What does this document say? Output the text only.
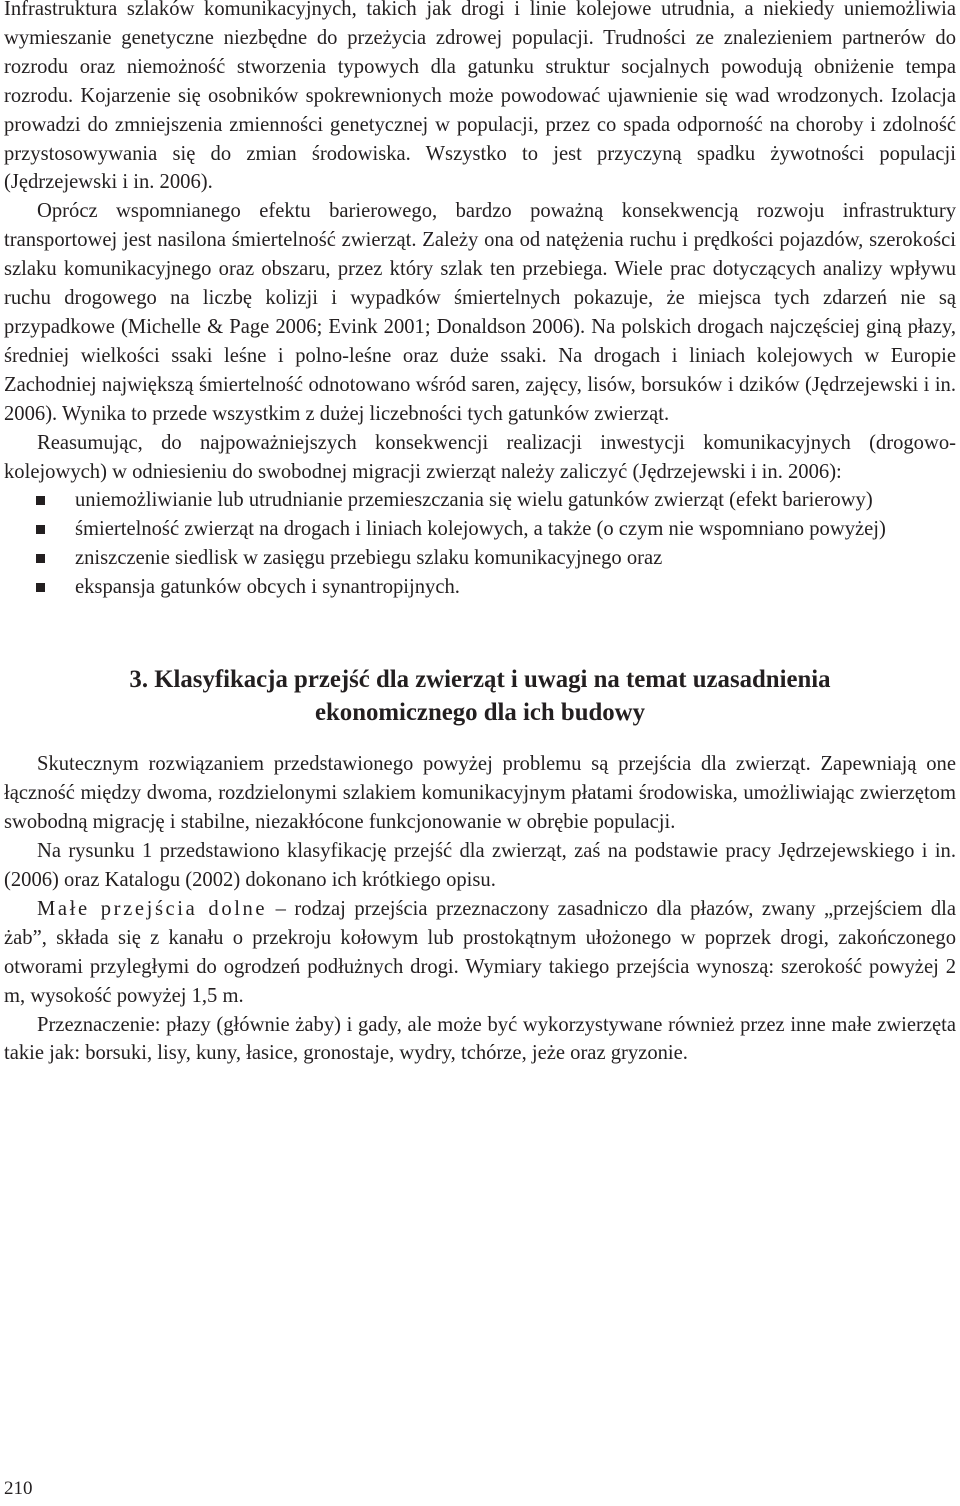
Infrastruktura szlaków komunikacyjnych, takich jak drogi i linie kolejowe utrudnia, a niekiedy uniemożliwia wymieszanie genetyczne niezbędne do przeżycia zdrowej populacji. Trudności ze znalezieniem partnerów do rozrodu oraz niemożność stworzenia typowych dla gatunku struktur socjalnych powodują obniżenie tempa rozrodu. Kojarzenie się osobników spokrewnionych może powodować ujawnienie się wad wrodzonych. Izolacja prowadzi do zmniejszenia zmienności genetycznej w populacji, przez co spada odporność na choroby i zdolność przystosowywania się do zmian środowiska. Wszystko to jest przyczyną spadku żywotności populacji (Jędrzejewski i in. 2006).

Oprócz wspomnianego efektu barierowego, bardzo poważną konsekwencją rozwoju infrastruktury transportowej jest nasilona śmiertelność zwierząt. Zależy ona od natężenia ruchu i prędkości pojazdów, szerokości szlaku komunikacyjnego oraz obszaru, przez który szlak ten przebiega. Wiele prac dotyczących analizy wpływu ruchu drogowego na liczbę kolizji i wypadków śmiertelnych pokazuje, że miejsca tych zdarzeń nie są przypadkowe (Michelle & Page 2006; Evink 2001; Donaldson 2006). Na polskich drogach najczęściej giną płazy, średniej wielkości ssaki leśne i polno-leśne oraz duże ssaki. Na drogach i liniach kolejowych w Europie Zachodniej największą śmiertelność odnotowano wśród saren, zajęcy, lisów, borsuków i dzików (Jędrzejewski i in. 2006). Wynika to przede wszystkim z dużej liczebności tych gatunków zwierząt.

Reasumując, do najpoważniejszych konsekwencji realizacji inwestycji komunikacyjnych (drogowo-kolejowych) w odniesieniu do swobodnej migracji zwierząt należy zaliczyć (Jędrzejewski i in. 2006):

uniemożliwianie lub utrudnianie przemieszczania się wielu gatunków zwierząt (efekt barierowy)
śmiertelność zwierząt na drogach i liniach kolejowych, a także (o czym nie wspomniano powyżej)
zniszczenie siedlisk w zasięgu przebiegu szlaku komunikacyjnego oraz
ekspansja gatunków obcych i synantropijnych.
3. Klasyfikacja przejść dla zwierząt i uwagi na temat uzasadnienia
ekonomicznego dla ich budowy

Skutecznym rozwiązaniem przedstawionego powyżej problemu są przejścia dla zwierząt. Zapewniają one łączność między dwoma, rozdzielonymi szlakiem komunikacyjnym płatami środowiska, umożliwiając zwierzętom swobodną migrację i stabilne, niezakłócone funkcjonowanie w obrębie populacji.

Na rysunku 1 przedstawiono klasyfikację przejść dla zwierząt, zaś na podstawie pracy Jędrzejewskiego i in. (2006) oraz Katalogu (2002) dokonano ich krótkiego opisu.

Małe przejścia dolne – rodzaj przejścia przeznaczony zasadniczo dla płazów, zwany „przejściem dla żab”, składa się z kanału o przekroju kołowym lub prostokątnym ułożonego w poprzek drogi, zakończonego otworami przyległymi do ogrodzeń podłużnych drogi. Wymiary takiego przejścia wynoszą: szerokość powyżej 2 m, wysokość powyżej 1,5 m.

Przeznaczenie: płazy (głównie żaby) i gady, ale może być wykorzystywane również przez inne małe zwierzęta takie jak: borsuki, lisy, kuny, łasice, gronostaje, wydry, tchórze, jeże oraz gryzonie.

210
